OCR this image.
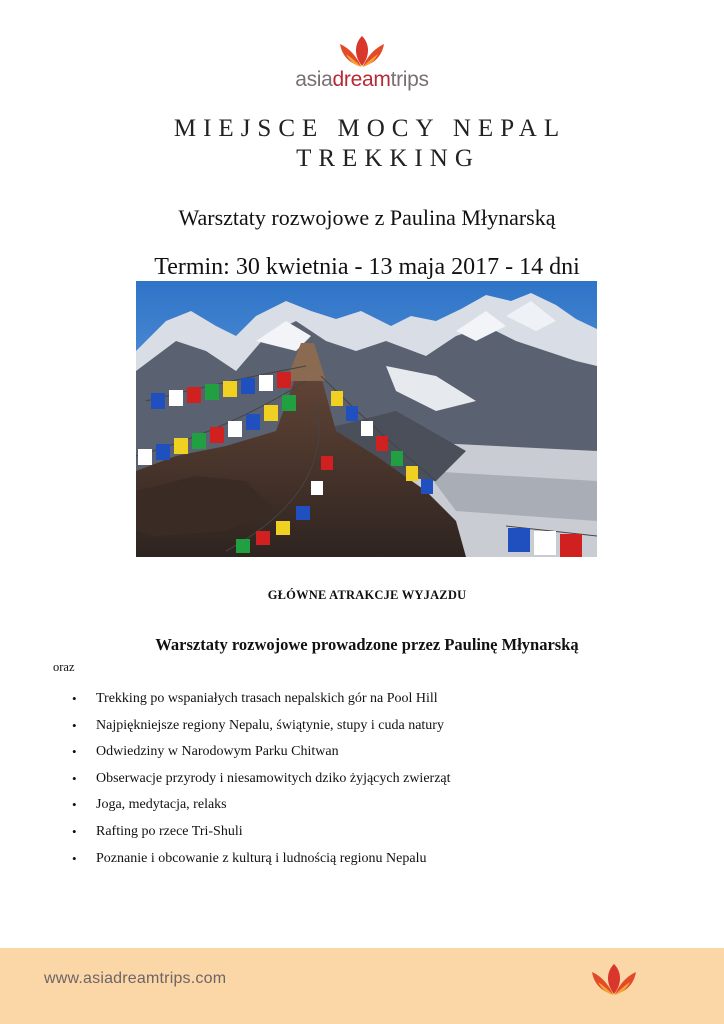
asiadreamtrips
MIEJSCE MOCY NEPAL
TREKKING
Warsztaty rozwojowe z Paulina Młynarską
Termin: 30 kwietnia - 13 maja 2017 - 14 dni
GŁÓWNE ATRAKCJE WYJAZDU
Warsztaty rozwojowe prowadzone przez Paulinę Młynarską
oraz
• Trekking po wspaniałych trasach nepalskich gór na Pool Hill
• Najpiękniejsze regiony Nepalu, świątynie, stupy i cuda natury
• Odwiedziny w Narodowym Parku Chitwan
• Obserwacje przyrody i niesamowitych dziko żyjących zwierząt
• Joga, medytacja, relaks
• Rafting po rzece Tri-Shuli
• Poznanie i obcowanie z kulturą i ludnością regionu Nepalu
www.asiadreamtrips.com
